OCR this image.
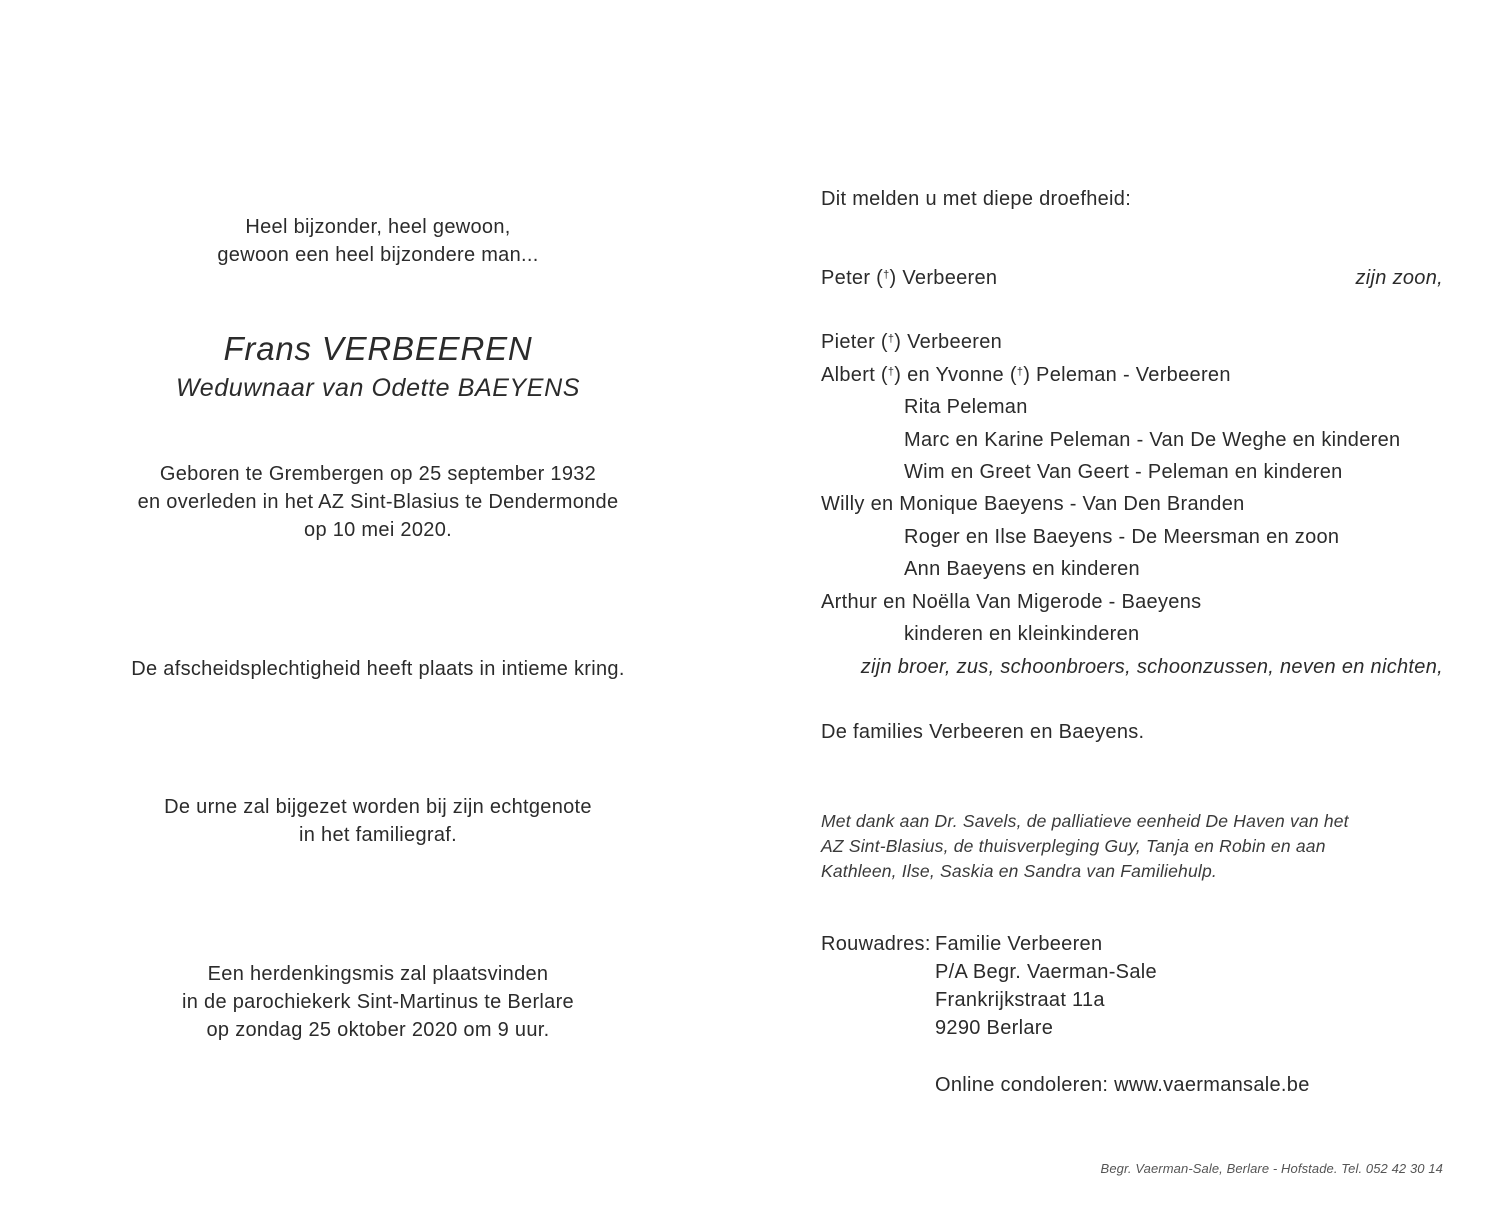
Heel bijzonder, heel gewoon,
gewoon een heel bijzondere man...
Frans VERBEEREN
Weduwnaar van Odette BAEYENS
Geboren te Grembergen op 25 september 1932
en overleden in het AZ Sint-Blasius te Dendermonde
op 10 mei 2020.
De afscheidsplechtigheid heeft plaats in intieme kring.
De urne zal bijgezet worden bij zijn echtgenote
in het familiegraf.
Een herdenkingsmis zal plaatsvinden
in de parochiekerk Sint-Martinus te Berlare
op zondag 25 oktober 2020 om 9 uur.
Dit melden u met diepe droefheid:
Peter (†) Verbeeren	zijn zoon,
Pieter (†) Verbeeren
Albert (†) en Yvonne (†) Peleman - Verbeeren
Rita Peleman
Marc en Karine Peleman - Van De Weghe en kinderen
Wim en Greet Van Geert - Peleman en kinderen
Willy en Monique Baeyens - Van Den Branden
Roger en Ilse Baeyens - De Meersman en zoon
Ann Baeyens en kinderen
Arthur en Noëlla Van Migerode - Baeyens
kinderen en kleinkinderen
zijn broer, zus, schoonbroers, schoonzussen, neven en nichten,
De families Verbeeren en Baeyens.
Met dank aan Dr. Savels, de palliatieve eenheid De Haven van het
AZ Sint-Blasius, de thuisverpleging Guy, Tanja en Robin en aan
Kathleen, Ilse, Saskia en Sandra van Familiehulp.
Rouwadres: Familie Verbeeren
P/A Begr. Vaerman-Sale
Frankrijkstraat 11a
9290 Berlare
Online condoleren: www.vaermansale.be
Begr. Vaerman-Sale, Berlare - Hofstade. Tel. 052 42 30 14
